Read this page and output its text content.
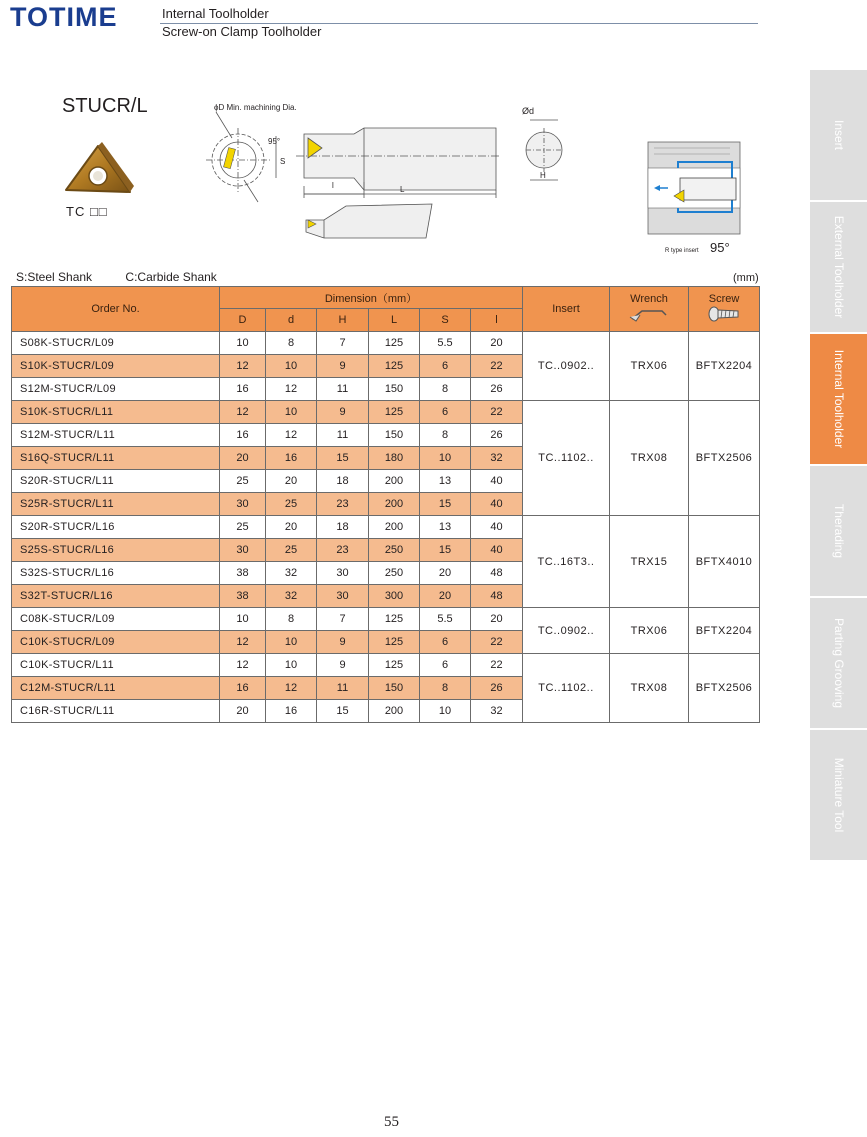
TOTIME	Internal Toolholder
Screw-on Clamp Toolholder
STUCR/L
TC □□
ϕD Min. machining Dia.
95°
S
l	L
Ød
H
R type insert 95°
S:Steel Shank	C:Carbide Shank	(mm)
Order No.	Dimension（mm）						Insert	Wrench	Screw

	D	d	H	L	S	l			
S08K-STUCR/L09	10	8	7	125	5.5	20	TC..0902..	TRX06	BFTX2204
S10K-STUCR/L09	12	10	9	125	6	22			
S12M-STUCR/L09	16	12	11	150	8	26			
S10K-STUCR/L11	12	10	9	125	6	22	TC..1102..	TRX08	BFTX2506
S12M-STUCR/L11	16	12	11	150	8	26			
S16Q-STUCR/L11	20	16	15	180	10	32			
S20R-STUCR/L11	25	20	18	200	13	40			
S25R-STUCR/L11	30	25	23	200	15	40			
S20R-STUCR/L16	25	20	18	200	13	40	TC..16T3..	TRX15	BFTX4010
S25S-STUCR/L16	30	25	23	250	15	40			
S32S-STUCR/L16	38	32	30	250	20	48			
S32T-STUCR/L16	38	32	30	300	20	48			
C08K-STUCR/L09	10	8	7	125	5.5	20	TC..0902..	TRX06	BFTX2204
C10K-STUCR/L09	12	10	9	125	6	22			
C10K-STUCR/L11	12	10	9	125	6	22	TC..1102..	TRX08	BFTX2506
C12M-STUCR/L11	16	12	11	150	8	26			
C16R-STUCR/L11	20	16	15	200	10	32			
Insert
External Toolholder
Internal Toolholder
Therading
Parting Grooving
Miniature Tool
55
